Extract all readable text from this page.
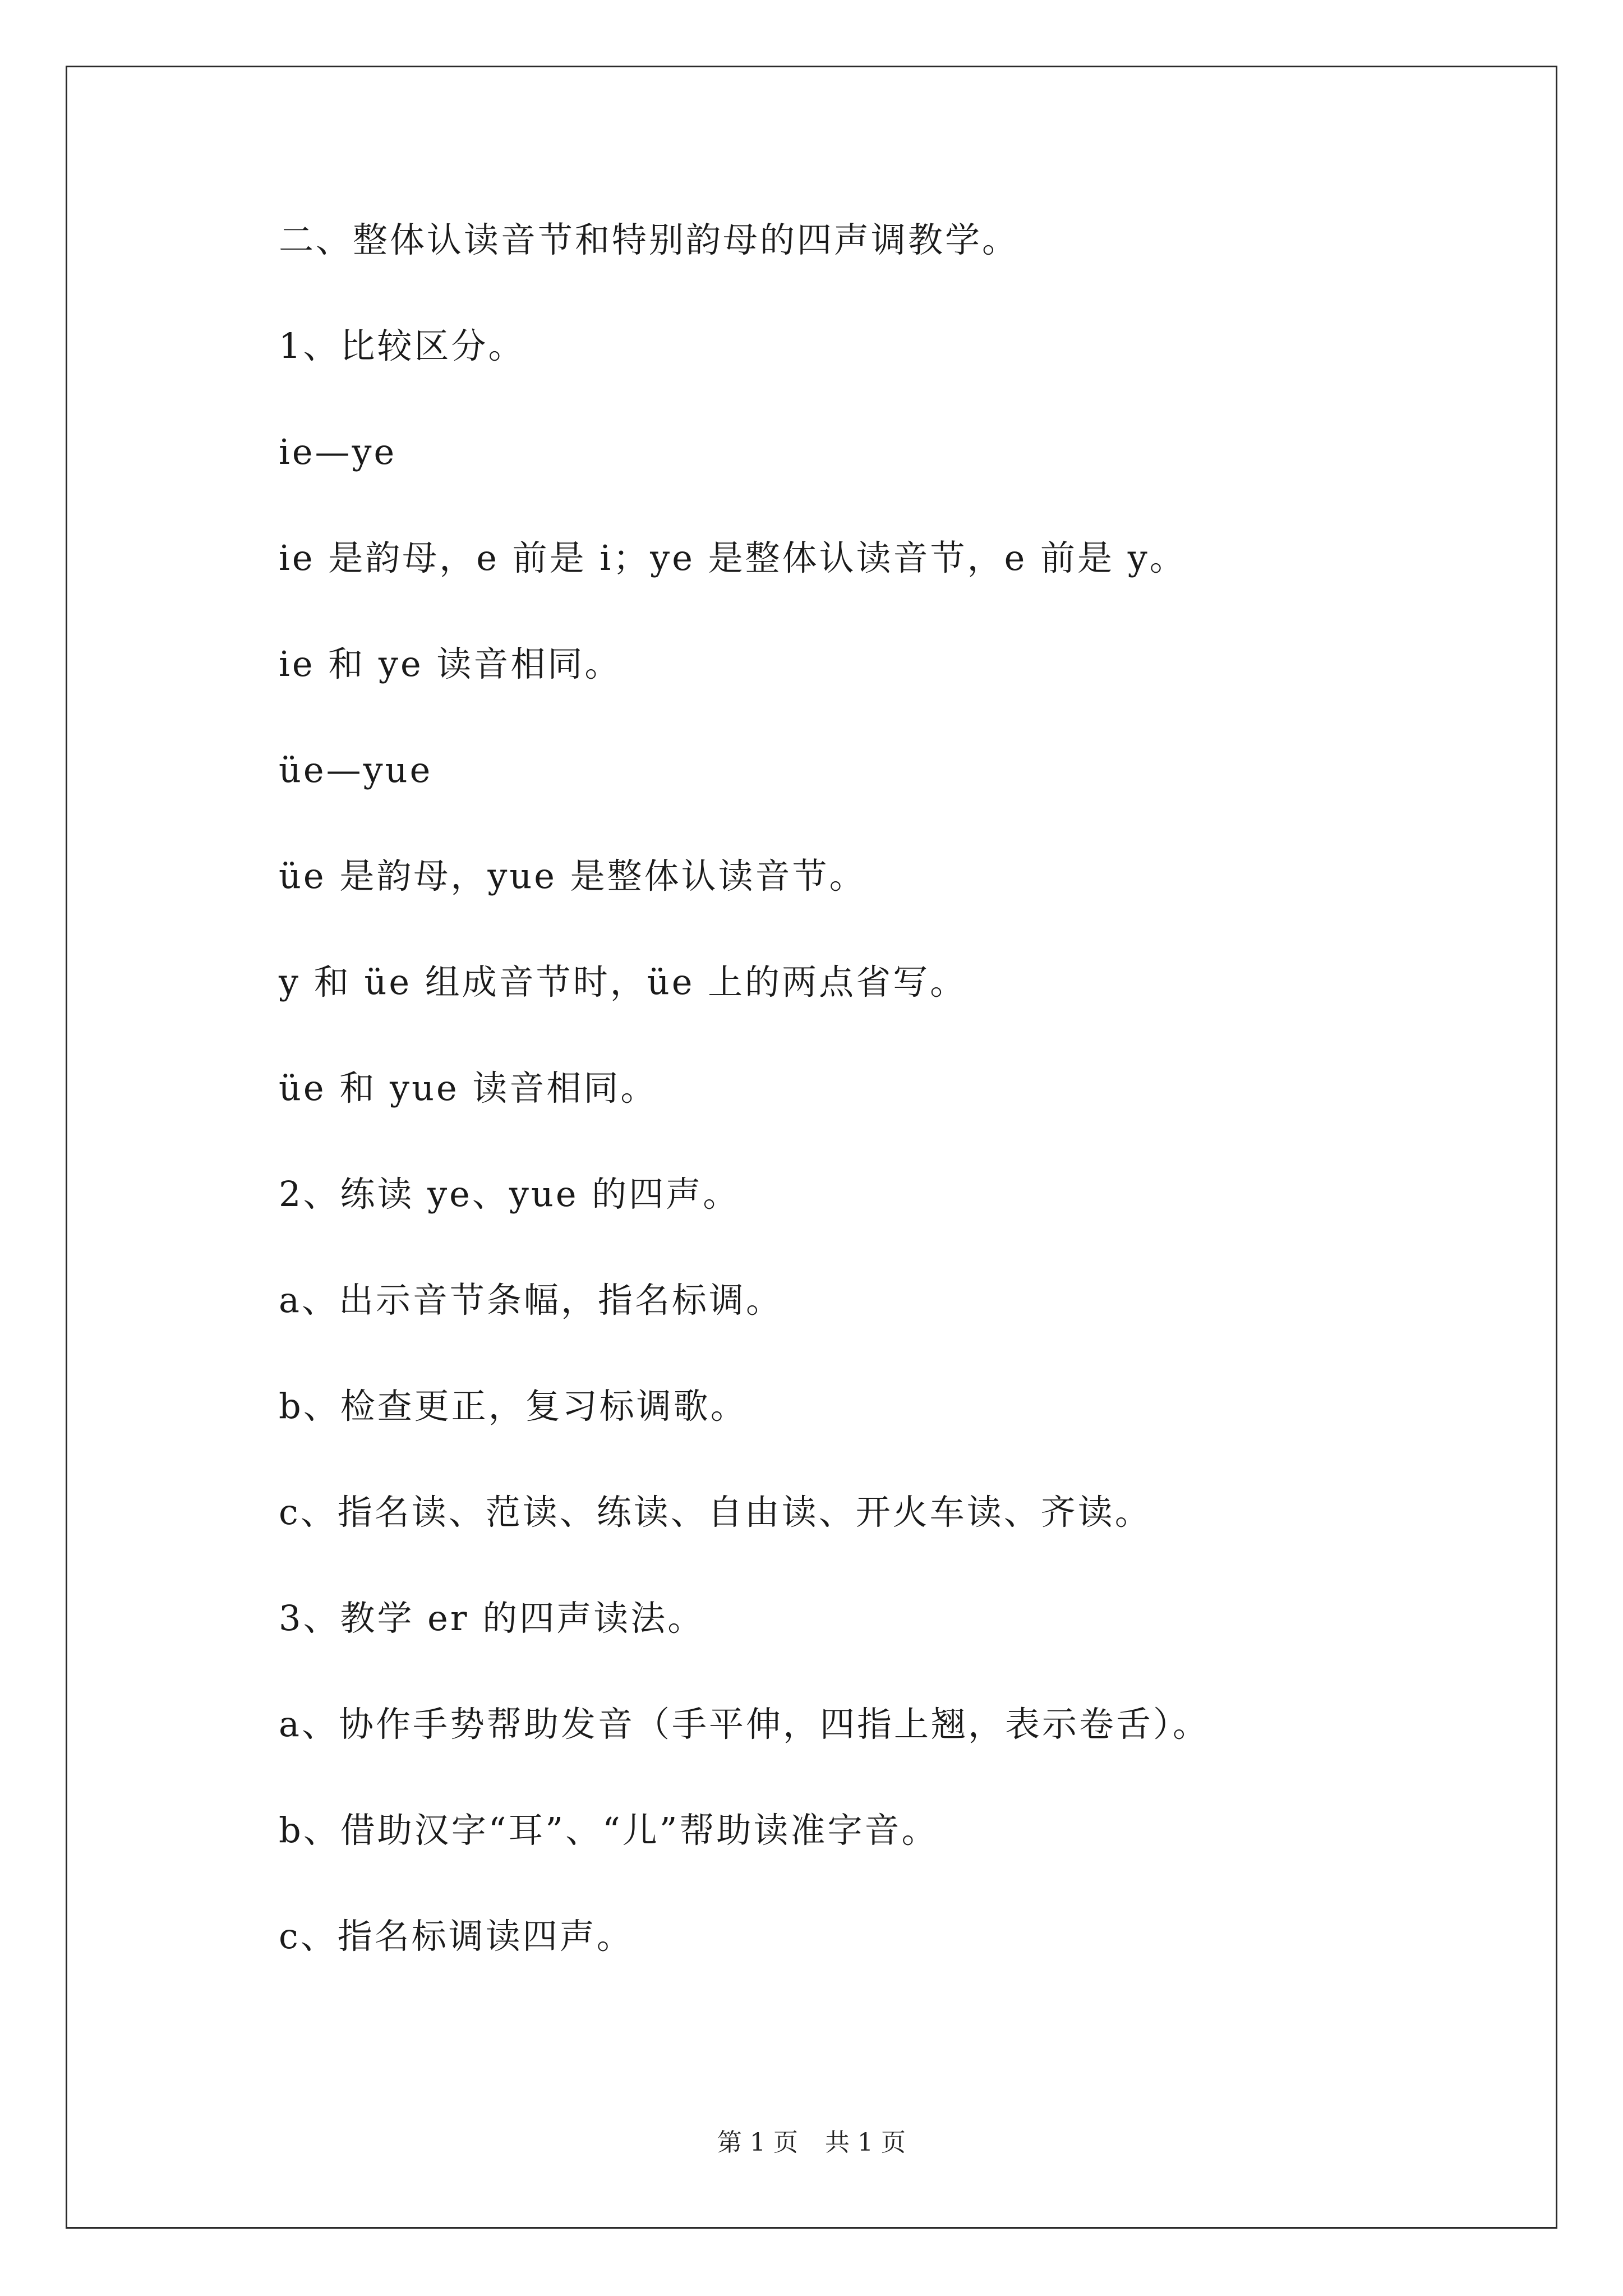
二、整体认读音节和特别韵母的四声调教学。
1、比较区分。
ie—ye
ie 是韵母，e 前是 i；ye 是整体认读音节，e 前是 y。
ie 和 ye 读音相同。
üe—yue
üe 是韵母，yue 是整体认读音节。
y 和 üe 组成音节时，üe 上的两点省写。
üe 和 yue 读音相同。
2、练读 ye、yue 的四声。
a、出示音节条幅，指名标调。
b、检查更正，复习标调歌。
c、指名读、范读、练读、自由读、开火车读、齐读。
3、教学 er 的四声读法。
a、协作手势帮助发音（手平伸，四指上翘，表示卷舌）。
b、借助汉字“耳”、“儿”帮助读准字音。
c、指名标调读四声。
第 1 页 共 1 页
